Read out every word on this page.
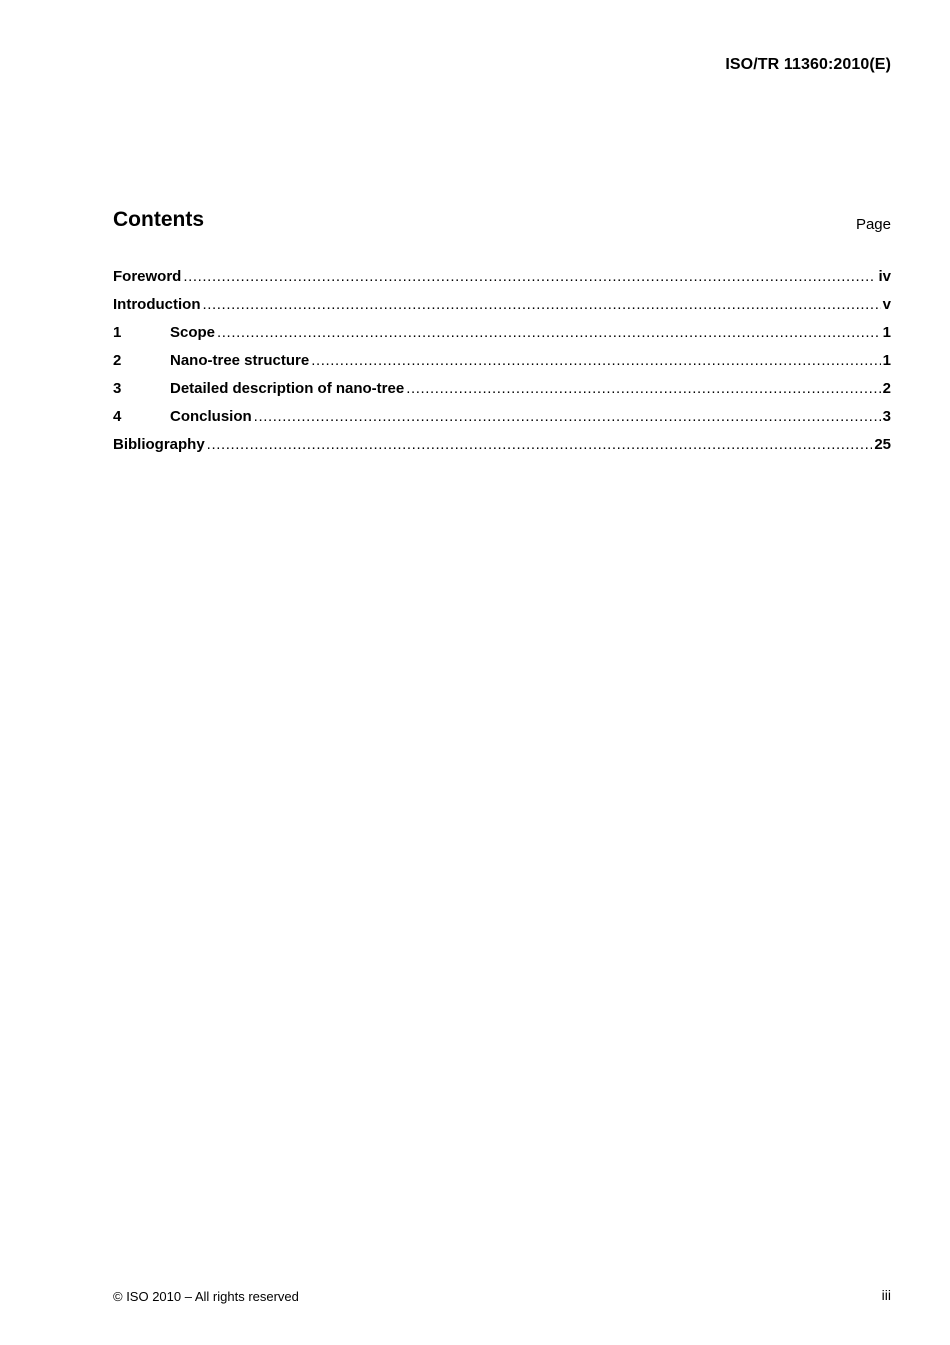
ISO/TR 11360:2010(E)
Contents	Page
Foreword .....	iv
Introduction .....	v
1	Scope .....	1
2	Nano-tree structure .....	1
3	Detailed description of nano-tree .....	2
4	Conclusion .....	3
Bibliography .....	25
© ISO 2010 – All rights reserved	iii
